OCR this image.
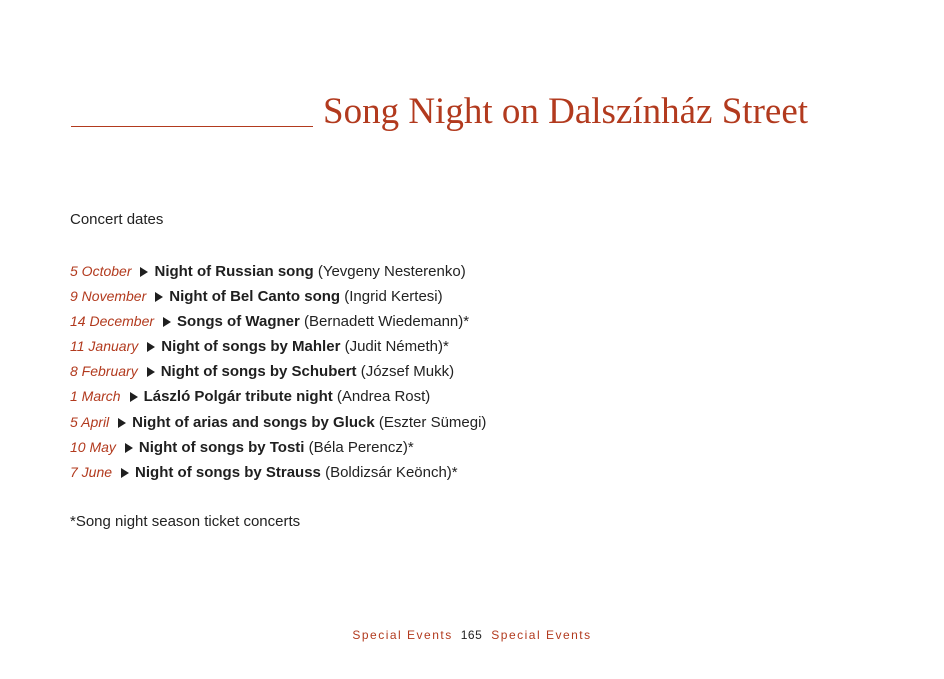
Song Night on Dalszínház Street
Concert dates
5 October Night of Russian song (Yevgeny Nesterenko)
9 November Night of Bel Canto song (Ingrid Kertesi)
14 December Songs of Wagner (Bernadett Wiedemann)*
11 January Night of songs by Mahler (Judit Németh)*
8 February Night of songs by Schubert (József Mukk)
1 March László Polgár tribute night (Andrea Rost)
5 April Night of arias and songs by Gluck (Eszter Sümegi)
10 May Night of songs by Tosti (Béla Perencz)*
7 June Night of songs by Strauss (Boldizsár Keönch)*
*Song night season ticket concerts
Special Events 165 Special Events
